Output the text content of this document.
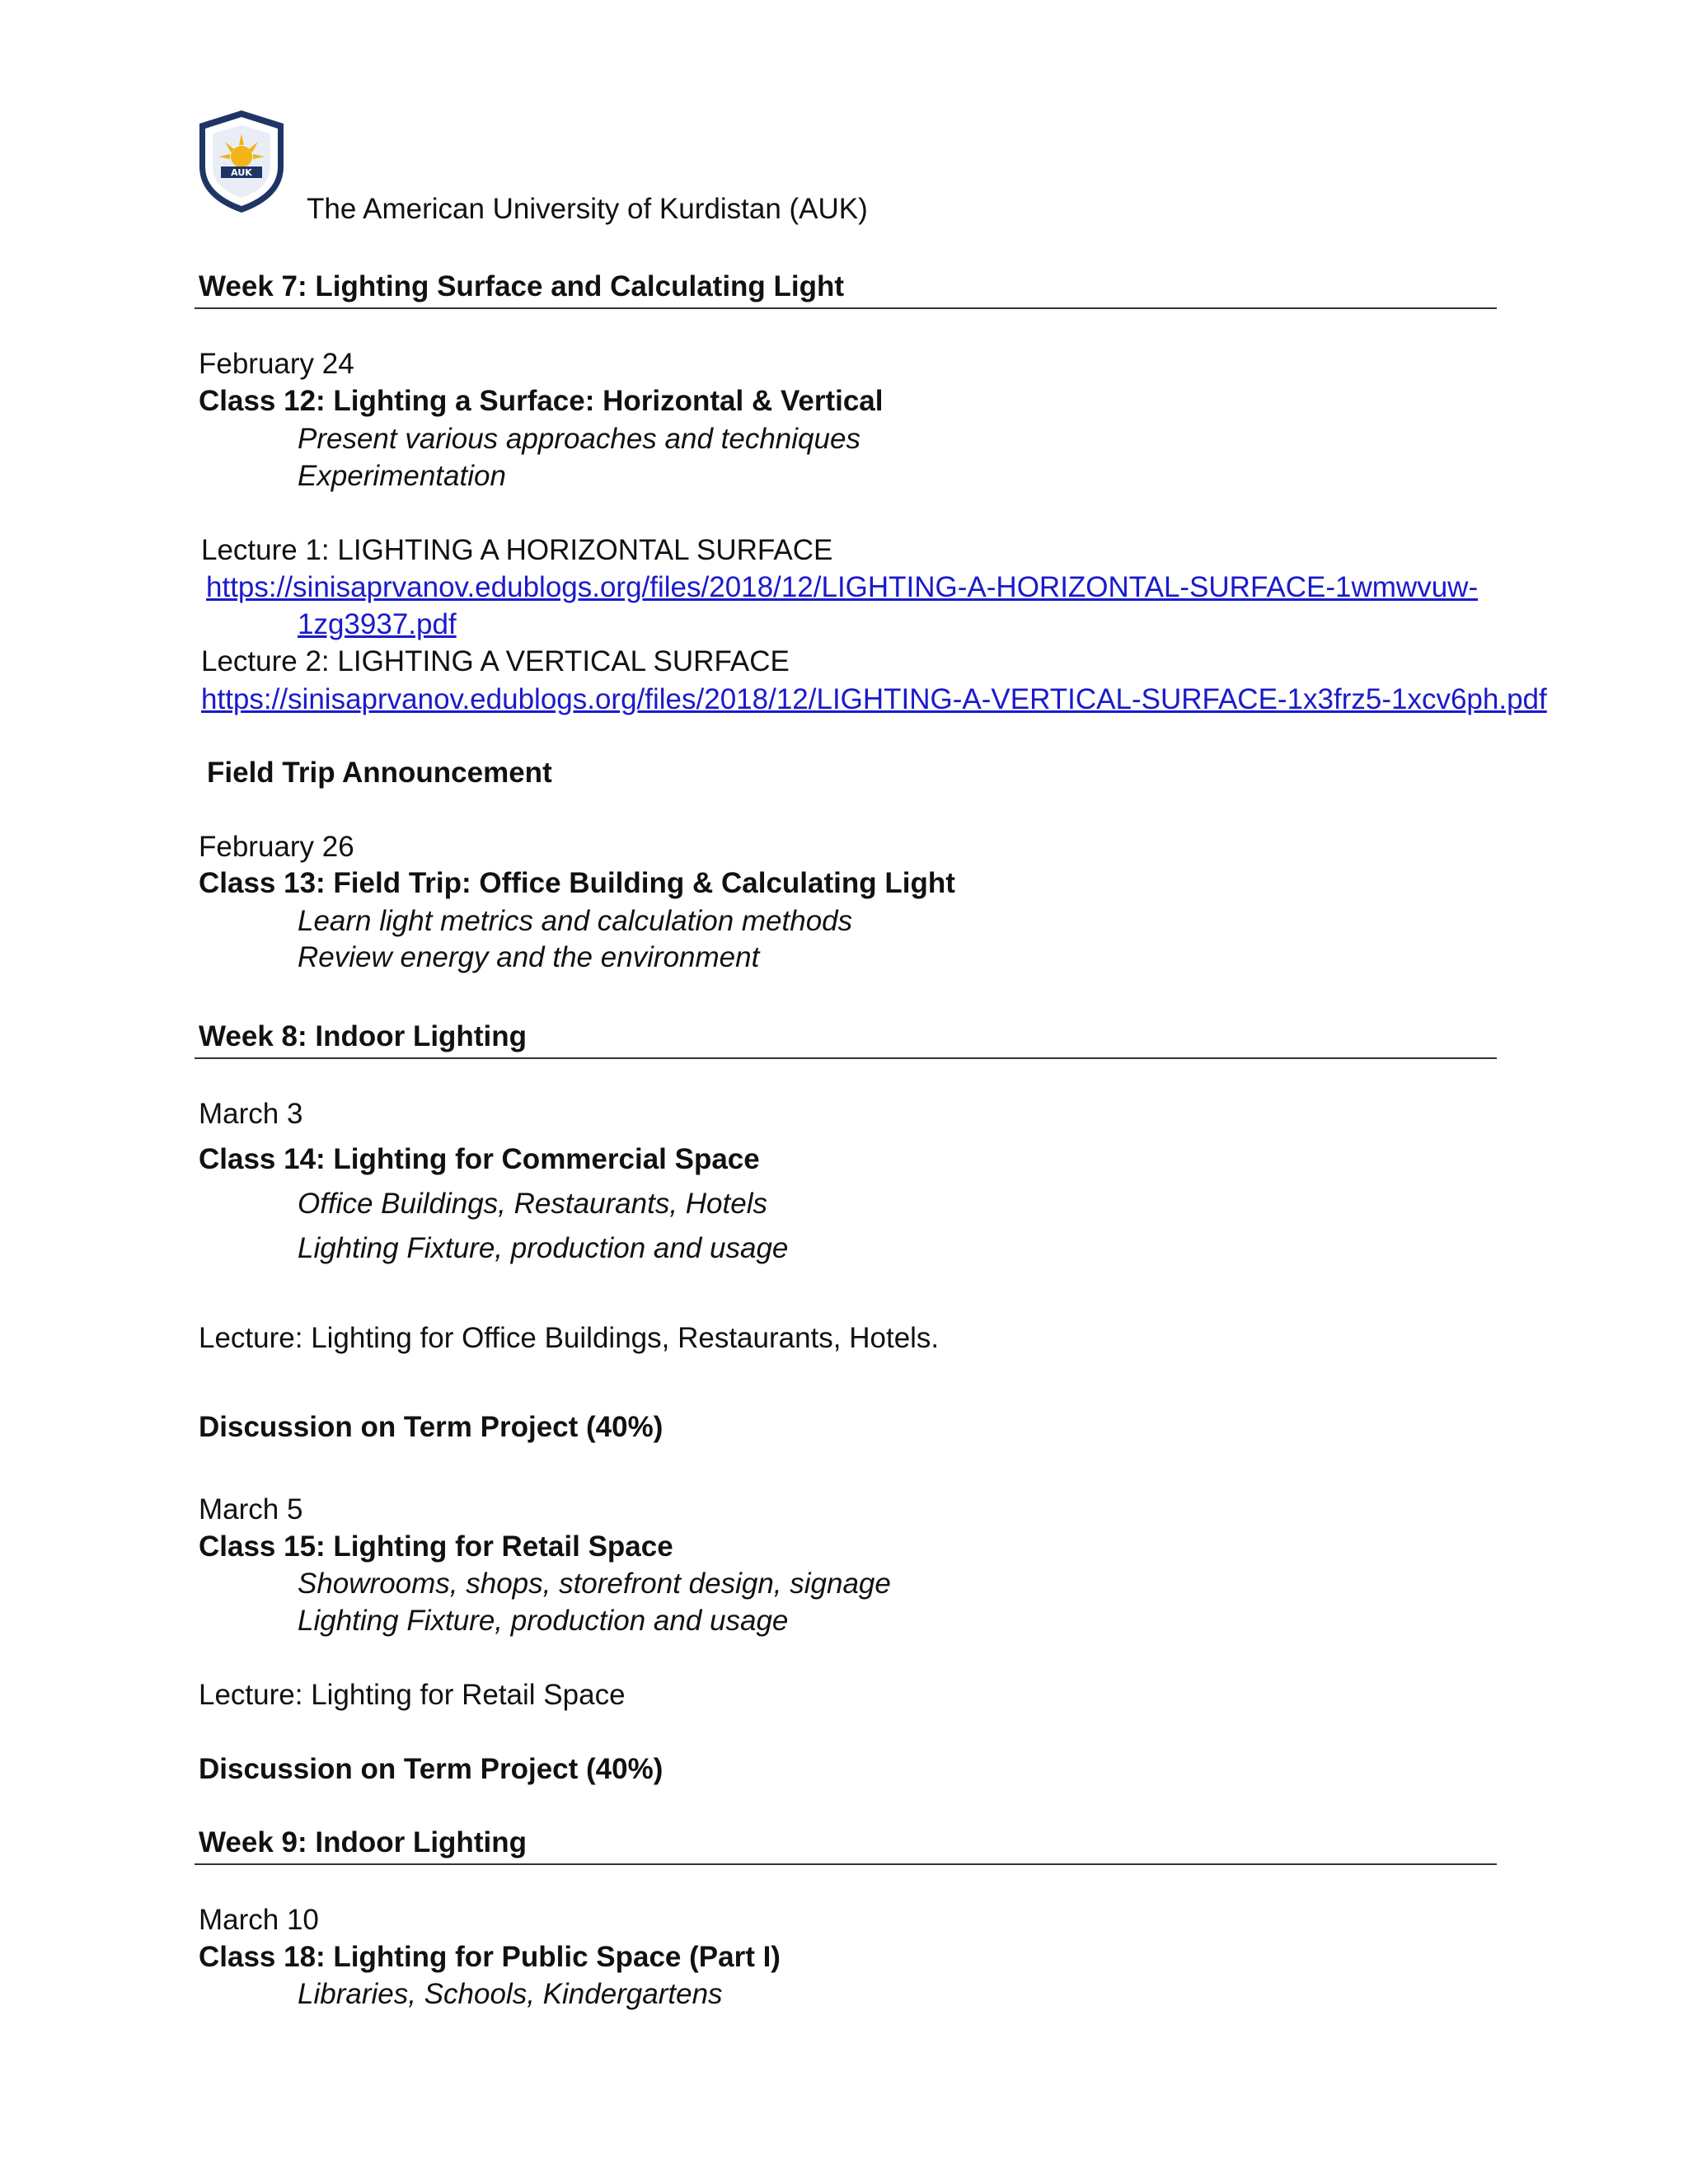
AUK
The American University of Kurdistan (AUK)
Week 7: Lighting Surface and Calculating Light
February 24
Class 12: Lighting a Surface: Horizontal & Vertical
Present various approaches and techniques
Experimentation
Lecture 1: LIGHTING A HORIZONTAL SURFACE
https://sinisaprvanov.edublogs.org/files/2018/12/LIGHTING-A-HORIZONTAL-SURFACE-1wmwvuw-
1zg3937.pdf
Lecture 2: LIGHTING A VERTICAL SURFACE
https://sinisaprvanov.edublogs.org/files/2018/12/LIGHTING-A-VERTICAL-SURFACE-1x3frz5-1xcv6ph.pdf
Field Trip Announcement
February 26
Class 13: Field Trip: Office Building & Calculating Light
Learn light metrics and calculation methods
Review energy and the environment
Week 8: Indoor Lighting
March 3
Class 14: Lighting for Commercial Space
Office Buildings, Restaurants, Hotels
Lighting Fixture, production and usage
Lecture: Lighting for Office Buildings, Restaurants, Hotels.
Discussion on Term Project (40%)
March 5
Class 15: Lighting for Retail Space
Showrooms, shops, storefront design, signage
Lighting Fixture, production and usage
Lecture: Lighting for Retail Space
Discussion on Term Project (40%)
Week 9: Indoor Lighting
March 10
Class 18: Lighting for Public Space (Part I)
Libraries, Schools, Kindergartens
